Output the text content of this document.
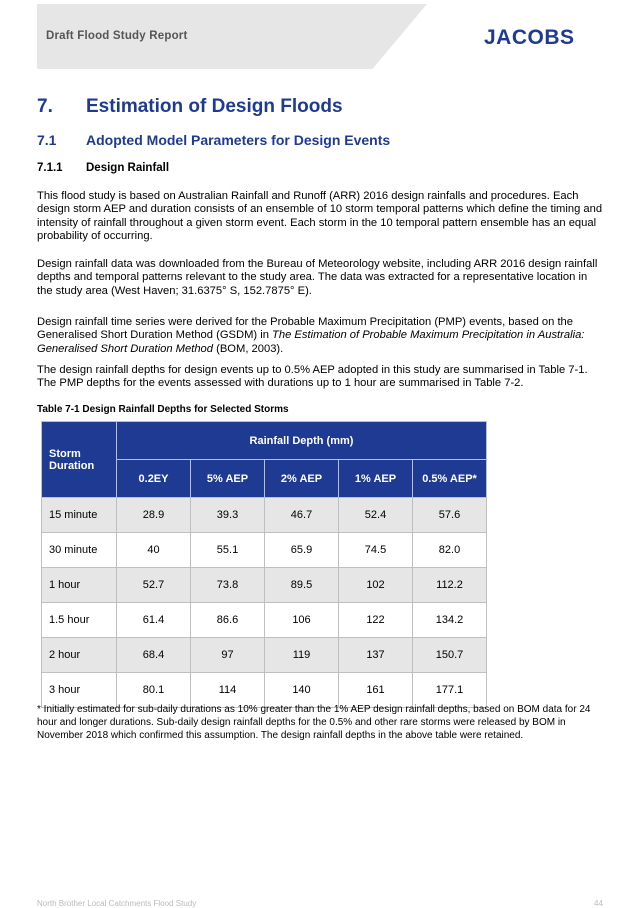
Draft Flood Study Report	JACOBS
7. Estimation of Design Floods
7.1 Adopted Model Parameters for Design Events
7.1.1 Design Rainfall
This flood study is based on Australian Rainfall and Runoff (ARR) 2016 design rainfalls and procedures. Each design storm AEP and duration consists of an ensemble of 10 storm temporal patterns which define the timing and intensity of rainfall throughout a given storm event. Each storm in the 10 temporal pattern ensemble has an equal probability of occurring.
Design rainfall data was downloaded from the Bureau of Meteorology website, including ARR 2016 design rainfall depths and temporal patterns relevant to the study area. The data was extracted for a representative location in the study area (West Haven; 31.6375° S, 152.7875° E).
Design rainfall time series were derived for the Probable Maximum Precipitation (PMP) events, based on the Generalised Short Duration Method (GSDM) in The Estimation of Probable Maximum Precipitation in Australia: Generalised Short Duration Method (BOM, 2003).
The design rainfall depths for design events up to 0.5% AEP adopted in this study are summarised in Table 7-1. The PMP depths for the events assessed with durations up to 1 hour are summarised in Table 7-2.
Table 7-1 Design Rainfall Depths for Selected Storms
Storm Duration	Rainfall Depth (mm)				
	0.2EY	5% AEP	2% AEP	1% AEP	0.5% AEP*
15 minute	28.9	39.3	46.7	52.4	57.6
30 minute	40	55.1	65.9	74.5	82.0
1 hour	52.7	73.8	89.5	102	112.2
1.5 hour	61.4	86.6	106	122	134.2
2 hour	68.4	97	119	137	150.7
3 hour	80.1	114	140	161	177.1
* Initially estimated for sub-daily durations as 10% greater than the 1% AEP design rainfall depths, based on BOM data for 24 hour and longer durations. Sub-daily design rainfall depths for the 0.5% and other rare storms were released by BOM in November 2018 which confirmed this assumption. The design rainfall depths in the above table were retained.
North Brother Local Catchments Flood Study	44
